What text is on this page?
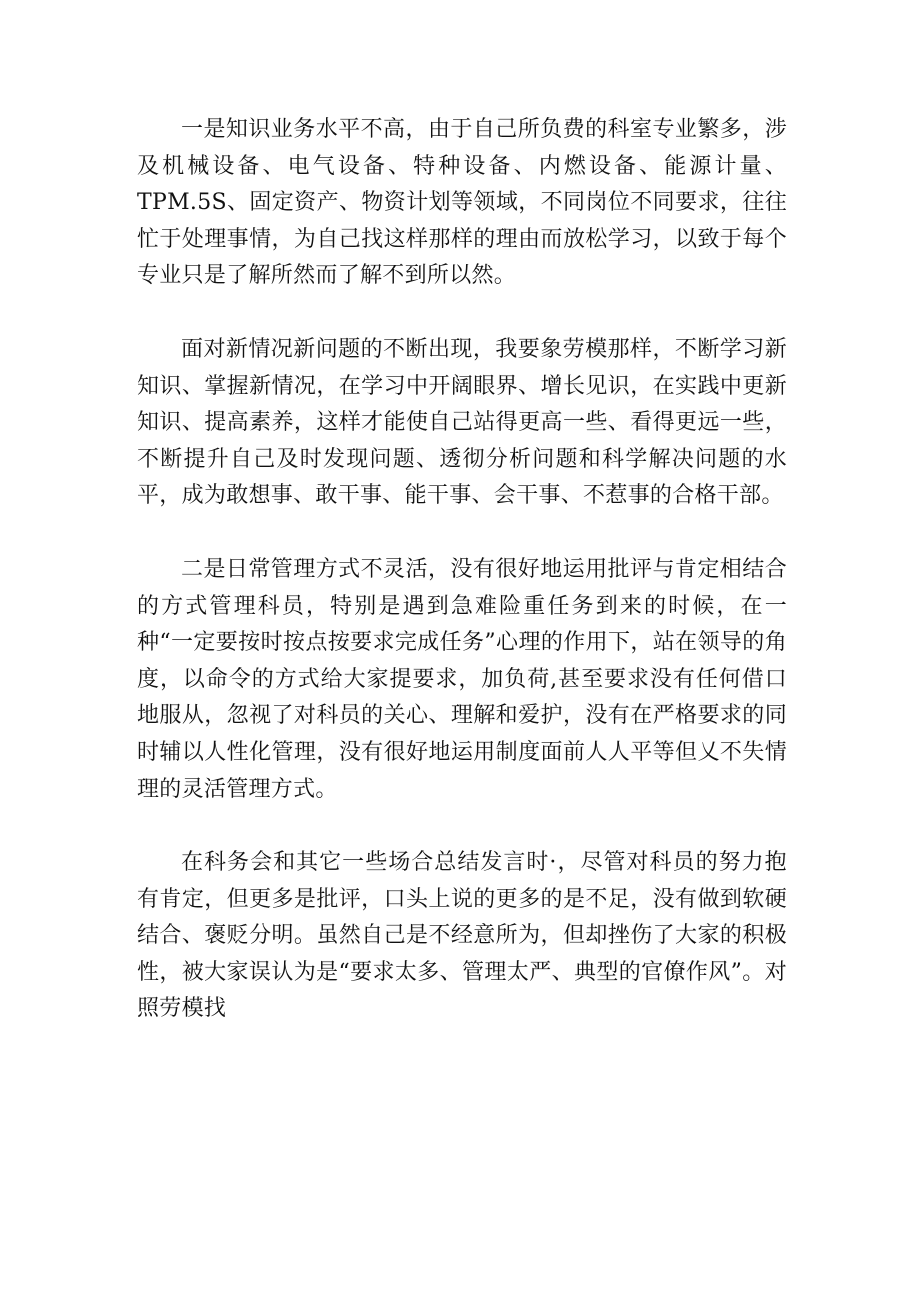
一是知识业务水平不高，由于自己所负费的科室专业繁多，涉及机械设备、电气设备、特种设备、内燃设备、能源计量、TPM.5S、固定资产、物资计划等领域，不同岗位不同要求，往往忙于处理事情，为自己找这样那样的理由而放松学习，以致于每个专业只是了解所然而了解不到所以然。

面对新情况新问题的不断出现，我要象劳模那样，不断学习新知识、掌握新情况，在学习中开阔眼界、增长见识，在实践中更新知识、提高素养，这样才能使自己站得更高一些、看得更远一些，不断提升自己及时发现问题、透彻分析问题和科学解决问题的水平，成为敢想事、敢干事、能干事、会干事、不惹事的合格干部。

二是日常管理方式不灵活，没有很好地运用批评与肯定相结合的方式管理科员，特别是遇到急难险重任务到来的时候，在一种“一定要按时按点按要求完成任务”心理的作用下，站在领导的角度，以命令的方式给大家提要求，加负荷,甚至要求没有任何借口地服从，忽视了对科员的关心、理解和爱护，没有在严格要求的同时辅以人性化管理，没有很好地运用制度面前人人平等但乂不失情理的灵活管理方式。

在科务会和其它一些场合总结发言时·，尽管对科员的努力抱有肯定，但更多是批评，口头上说的更多的是不足，没有做到软硬结合、褒贬分明。虽然自己是不经意所为，但却挫伤了大家的积极性，被大家误认为是“要求太多、管理太严、典型的官僚作风”。对照劳模找
